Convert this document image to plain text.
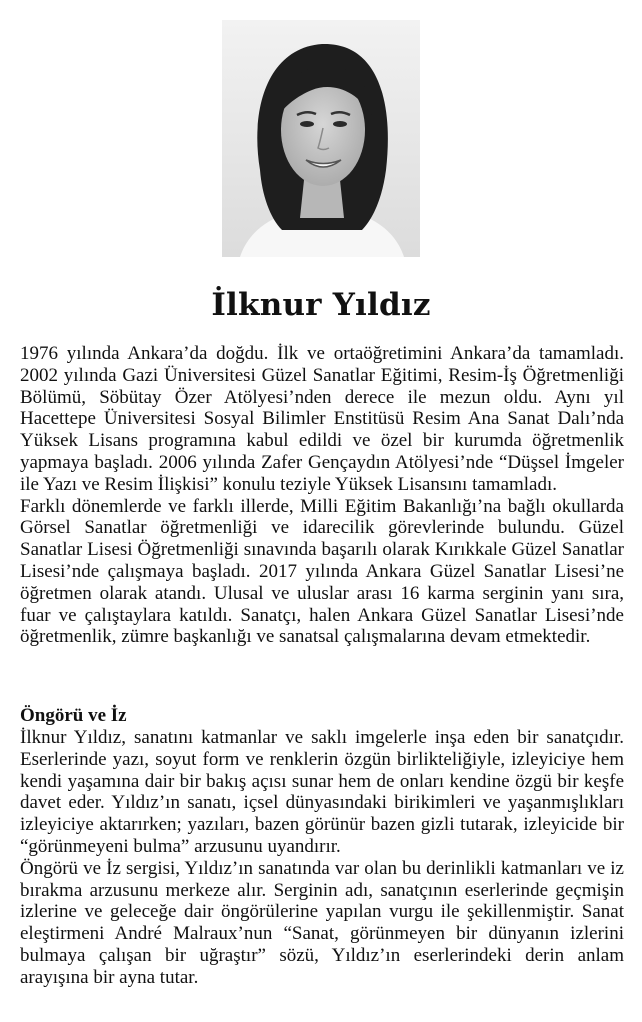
İlknur Yıldız

1976 yılında Ankara’da doğdu. İlk ve ortaöğretimini Ankara’da tamamladı. 2002 yılında Gazi Üniversitesi Güzel Sanatlar Eğitimi, Resim-İş Öğretmenliği Bölümü, Söbütay Özer Atölyesi’nden derece ile mezun oldu. Aynı yıl Hacettepe Üniversitesi Sosyal Bilimler Enstitüsü Resim Ana Sanat Dalı’nda Yüksek Lisans programına kabul edildi ve özel bir kurumda öğretmenlik yapmaya başladı. 2006 yılında Zafer Gençaydın Atölyesi’nde “Düşsel İmgeler ile Yazı ve Resim İlişkisi” konulu teziyle Yüksek Lisansını tamamladı.

Farklı dönemlerde ve farklı illerde, Milli Eğitim Bakanlığı’na bağlı okullarda Görsel Sanatlar öğretmenliği ve idarecilik görevlerinde bulundu. Güzel Sanatlar Lisesi Öğretmenliği sınavında başarılı olarak Kırıkkale Güzel Sanatlar Lisesi’nde çalışmaya başladı. 2017 yılında Ankara Güzel Sanatlar Lisesi’ne öğretmen olarak atandı. Ulusal ve uluslar arası 16 karma serginin yanı sıra, fuar ve çalıştaylara katıldı. Sanatçı, halen Ankara Güzel Sanatlar Lisesi’nde öğretmenlik, zümre başkanlığı ve sanatsal çalışmalarına devam etmektedir.

Öngörü ve İz

İlknur Yıldız, sanatını katmanlar ve saklı imgelerle inşa eden bir sanatçıdır. Eserlerinde yazı, soyut form ve renklerin özgün birlikteliğiyle, izleyiciye hem kendi yaşamına dair bir bakış açısı sunar hem de onları kendine özgü bir keşfe davet eder. Yıldız’ın sanatı, içsel dünyasındaki birikimleri ve yaşanmışlıkları izleyiciye aktarırken; yazıları, bazen görünür bazen gizli tutarak, izleyicide bir “görünmeyeni bulma” arzusunu uyandırır.

Öngörü ve İz sergisi, Yıldız’ın sanatında var olan bu derinlikli katmanları ve iz bırakma arzusunu merkeze alır. Serginin adı, sanatçının eserlerinde geçmişin izlerine ve geleceğe dair öngörülerine yapılan vurgu ile şekillenmiştir. Sanat eleştirmeni André Malraux’nun “Sanat, görünmeyen bir dünyanın izlerini bulmaya çalışan bir uğraştır” sözü, Yıldız’ın eserlerindeki derin anlam arayışına bir ayna tutar.
